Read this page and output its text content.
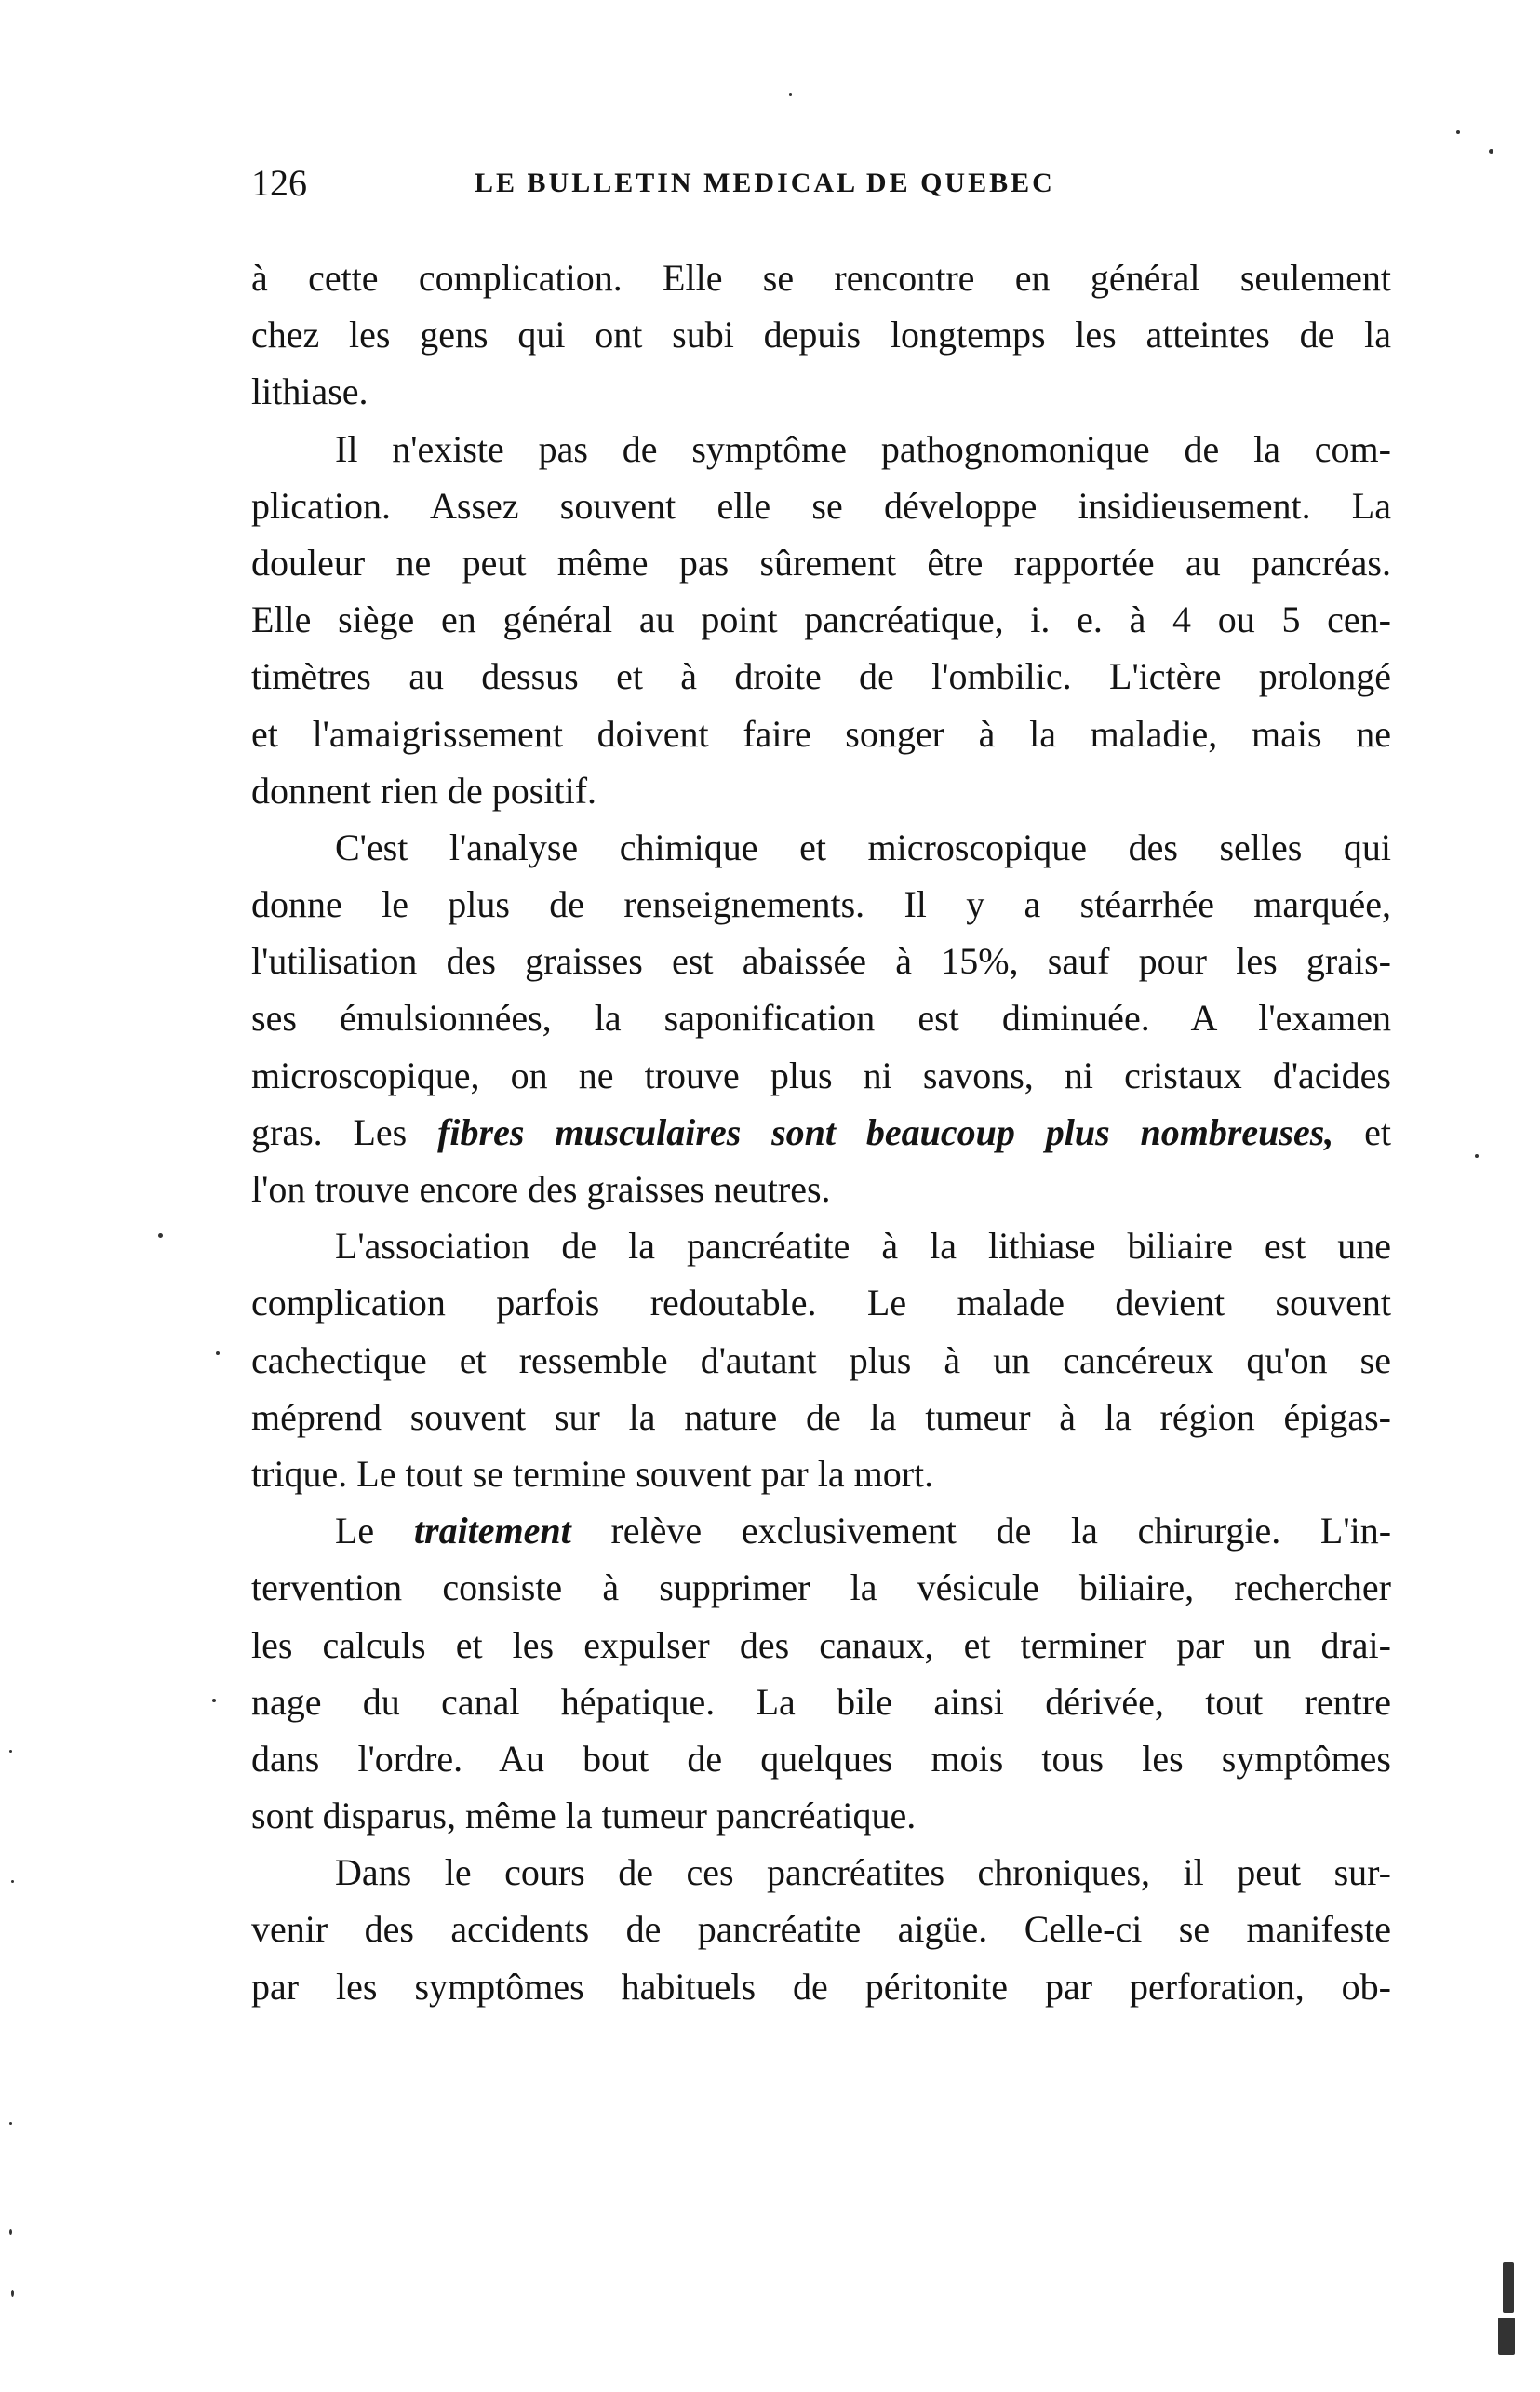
126	LE BULLETIN MEDICAL DE QUEBEC
à cette complication. Elle se rencontre en général seulement
chez les gens qui ont subi depuis longtemps les atteintes de la
lithiase.
Il n'existe pas de symptôme pathognomonique de la com-
plication. Assez souvent elle se développe insidieusement. La
douleur ne peut même pas sûrement être rapportée au pancréas.
Elle siège en général au point pancréatique, i. e. à 4 ou 5 cen-
timètres au dessus et à droite de l'ombilic. L'ictère prolongé
et l'amaigrissement doivent faire songer à la maladie, mais ne
donnent rien de positif.
C'est l'analyse chimique et microscopique des selles qui
donne le plus de renseignements. Il y a stéarrhée marquée,
l'utilisation des graisses est abaissée à 15%, sauf pour les grais-
ses émulsionnées, la saponification est diminuée. A l'examen
microscopique, on ne trouve plus ni savons, ni cristaux d'acides
gras. Les fibres musculaires sont beaucoup plus nombreuses, et
l'on trouve encore des graisses neutres.
L'association de la pancréatite à la lithiase biliaire est une
complication parfois redoutable. Le malade devient souvent
cachectique et ressemble d'autant plus à un cancéreux qu'on se
méprend souvent sur la nature de la tumeur à la région épigas-
trique. Le tout se termine souvent par la mort.
Le traitement relève exclusivement de la chirurgie. L'in-
tervention consiste à supprimer la vésicule biliaire, rechercher
les calculs et les expulser des canaux, et terminer par un drai-
nage du canal hépatique. La bile ainsi dérivée, tout rentre
dans l'ordre. Au bout de quelques mois tous les symptômes
sont disparus, même la tumeur pancréatique.
Dans le cours de ces pancréatites chroniques, il peut sur-
venir des accidents de pancréatite aigüe. Celle-ci se manifeste
par les symptômes habituels de péritonite par perforation, ob-
